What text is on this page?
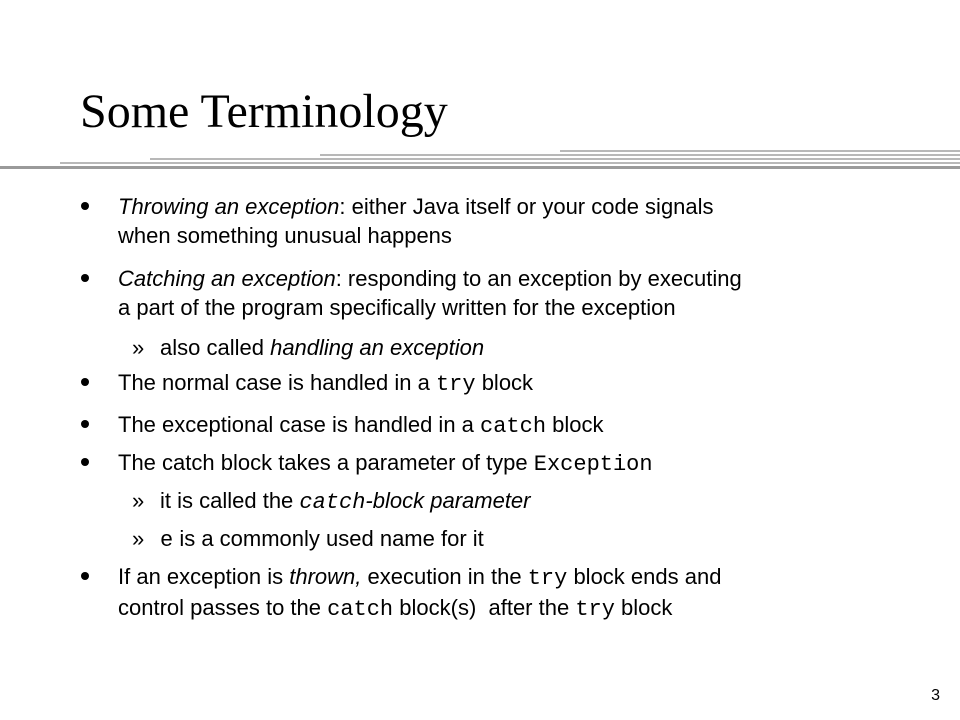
Some Terminology
Throwing an exception: either Java itself or your code signals
when something unusual happens
Catching an exception: responding to an exception by executing
a part of the program specifically written for the exception
» also called handling an exception
The normal case is handled in a try block
The exceptional case is handled in a catch block
The catch block takes a parameter of type Exception
» it is called the catch-block parameter
» e is a commonly used name for it
If an exception is thrown, execution in the try block ends and
control passes to the catch block(s)  after the try block
3
